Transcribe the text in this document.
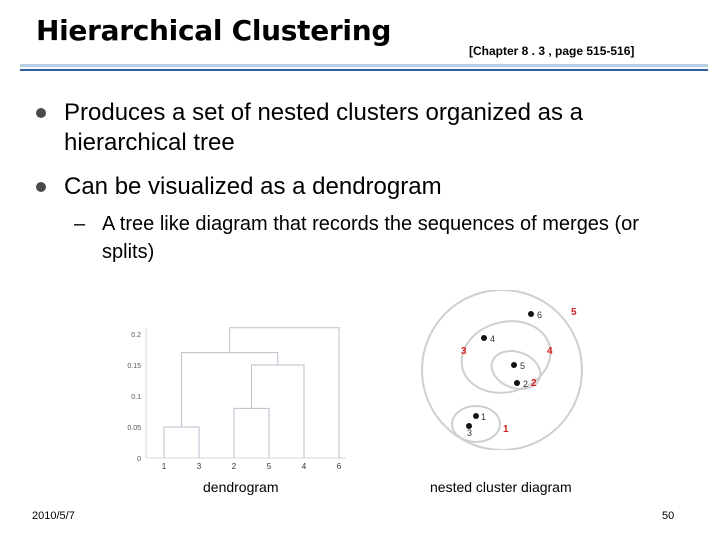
Hierarchical Clustering
[Chapter 8 . 3 , page 515-516]
Produces a set of nested clusters organized as a hierarchical tree
Can be visualized as a dendrogram
– A tree like diagram that records the sequences of merges (or splits)
0
0.05
0.1
0.15
0.2
1	3	2	5	4	6
dendrogram
6
4
5
2
1
3
5
3	4
2
1
nested cluster diagram
2010/5/7	50
